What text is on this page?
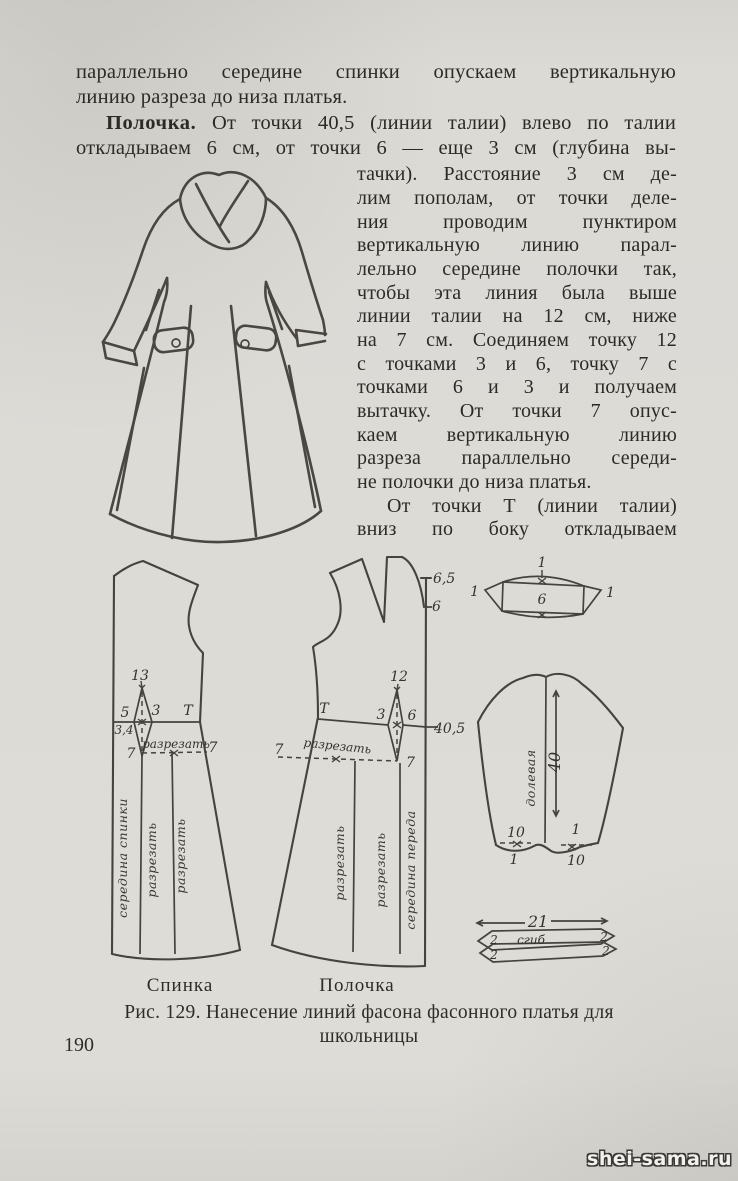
параллельно середине спинки опускаем вертикальную
линию разреза до низа платья.
Полочка. От точки 40,5 (линии талии) влево по талии
откладываем 6 см, от точки 6 — еще 3 см (глубина вы-
тачки). Расстояние 3 см де-
лим пополам, от точки деле-
ния проводим пунктиром
вертикальную линию парал-
лельно середине полочки так,
чтобы эта линия была выше
линии талии на 12 см, ниже
на 7 см. Соединяем точку 12
с точками 3 и 6, точку 7 с
точками 6 и 3 и получаем
вытачку. От точки 7 опус-
каем вертикальную линию
разреза параллельно середи-
не полочки до низа платья.
От точки Т (линии талии)
вниз по боку откладываем
13
5
3,4
3 Т
разрезать
7	7
середина спинки разрезать разрезать
Спинка
6,5
6
12
Т	3 6
40,5
разрезать
7
7
разрезать разрезать середина переда
Полочка
1
1	1
6
долевая 40
10
1
1
10
21
сгиб
2	2
2	2
Рис. 129. Нанесение линий фасона фасонного платья для
школьницы
190
shei-sama.ru
